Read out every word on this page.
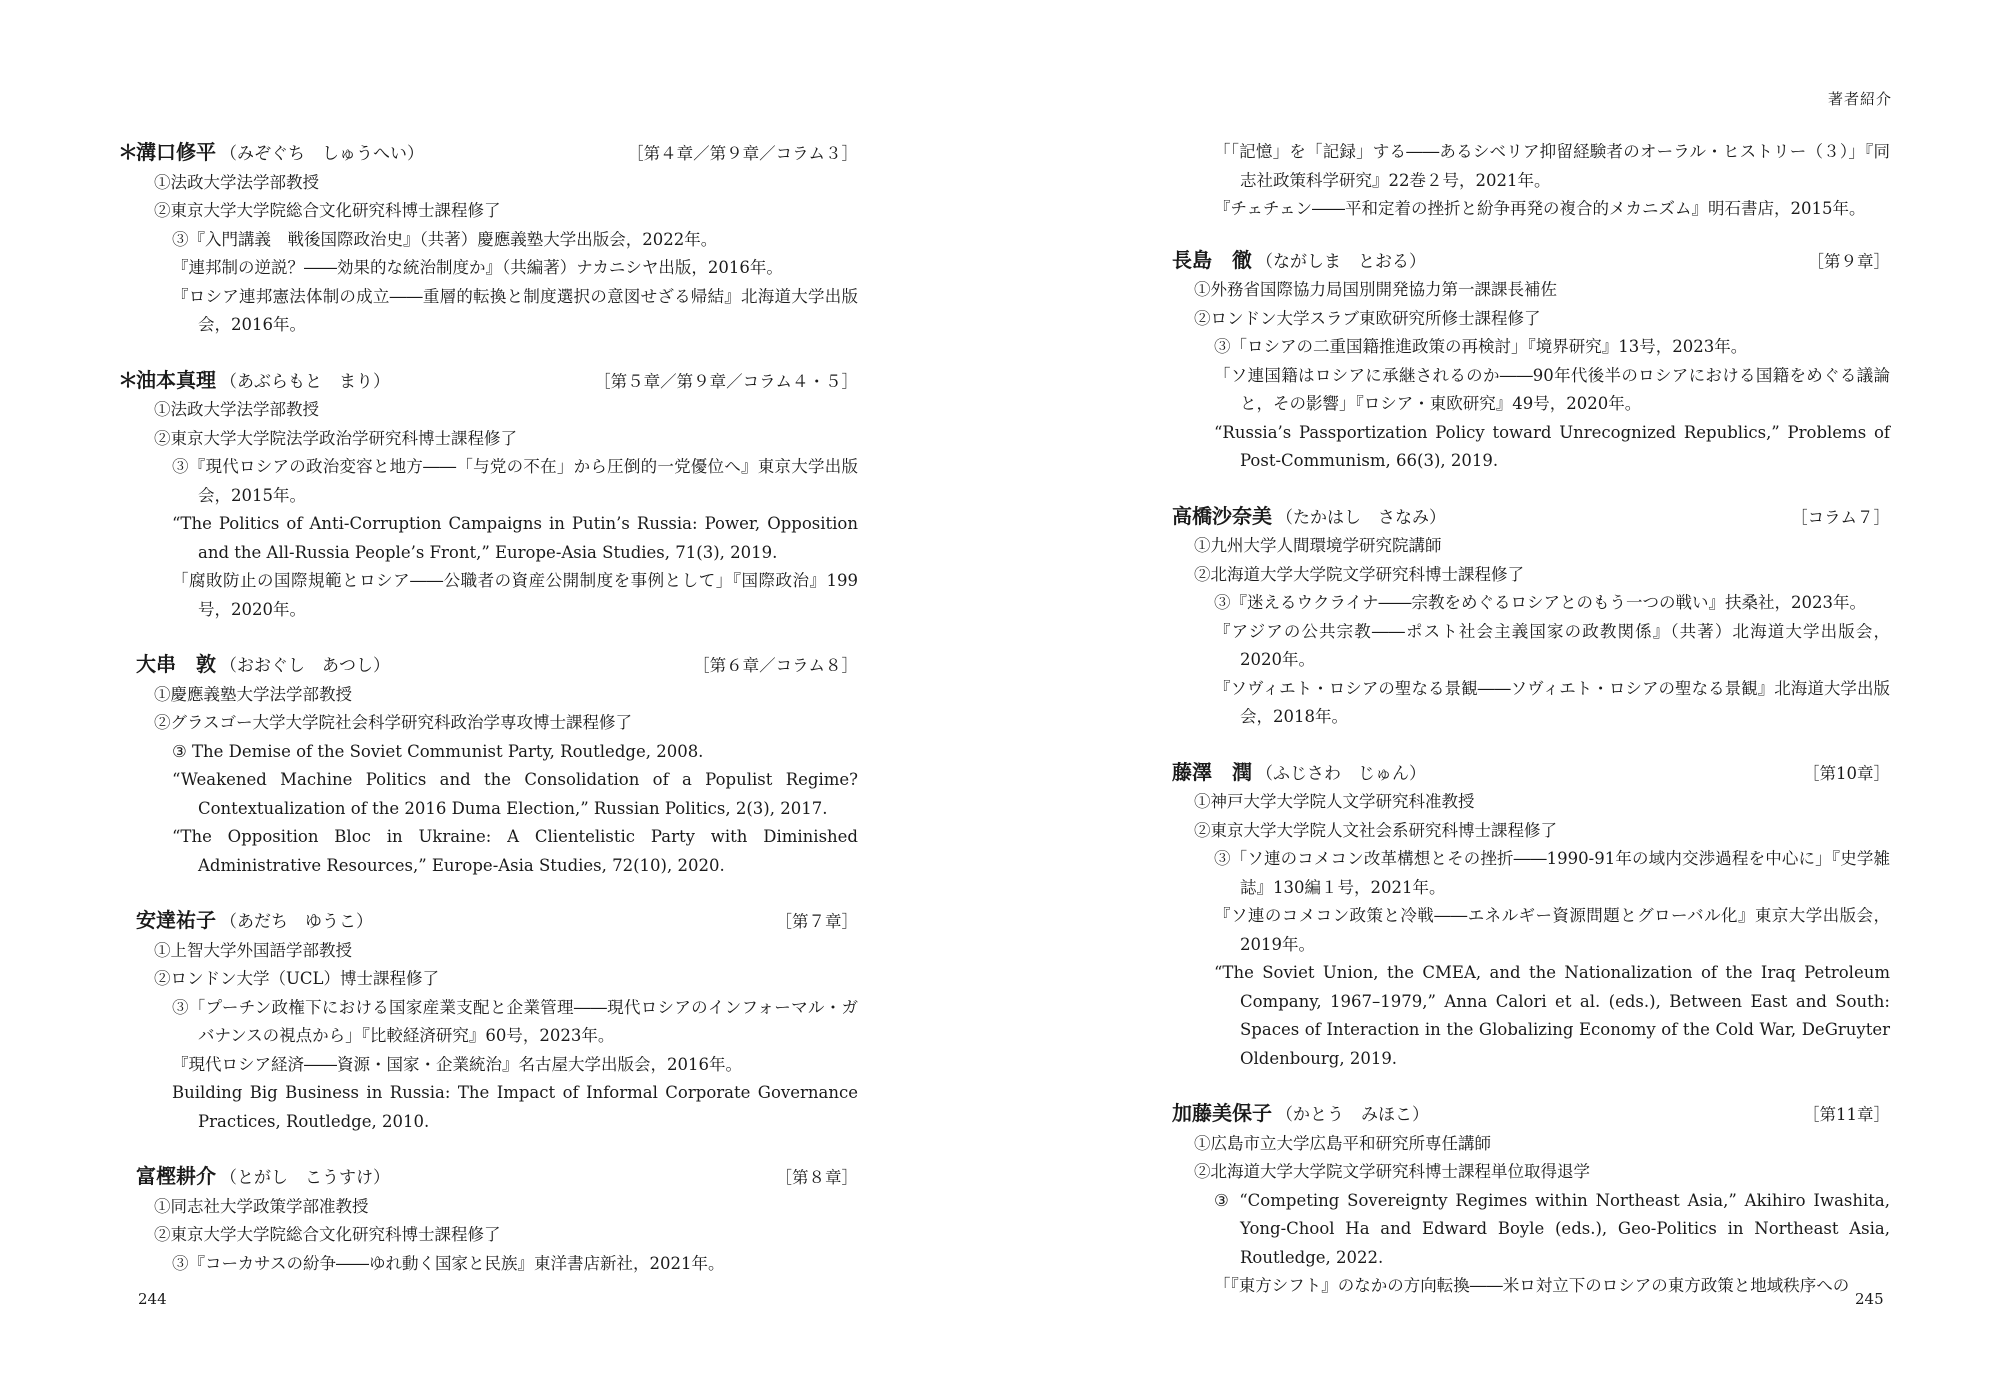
＊溝口修平 （みぞぐち　しゅうへい）	［第４章／第９章／コラム３］
①法政大学法学部教授
②東京大学大学院総合文化研究科博士課程修了
③『入門講義　戦後国際政治史』（共著）慶應義塾大学出版会，2022年。
『連邦制の逆説？――効果的な統治制度か』（共編著）ナカニシヤ出版，2016年。
『ロシア連邦憲法体制の成立――重層的転換と制度選択の意図せざる帰結』北海道大学出版会，2016年。
＊油本真理 （あぶらもと　まり）	［第５章／第９章／コラム４・５］
①法政大学法学部教授
②東京大学大学院法学政治学研究科博士課程修了
③『現代ロシアの政治変容と地方――「与党の不在」から圧倒的一党優位へ』東京大学出版会，2015年。
“The Politics of Anti-Corruption Campaigns in Putin’s Russia: Power, Opposition and the All-Russia People’s Front,” Europe-Asia Studies, 71(3), 2019.
「腐敗防止の国際規範とロシア――公職者の資産公開制度を事例として」『国際政治』199号，2020年。
大串　敦 （おおぐし　あつし）	［第６章／コラム８］
①慶應義塾大学法学部教授
②グラスゴー大学大学院社会科学研究科政治学専攻博士課程修了
③ The Demise of the Soviet Communist Party, Routledge, 2008.
“Weakened Machine Politics and the Consolidation of a Populist Regime? Contextualization of the 2016 Duma Election,” Russian Politics, 2(3), 2017.
“The Opposition Bloc in Ukraine: A Clientelistic Party with Diminished Administrative Resources,” Europe-Asia Studies, 72(10), 2020.
安達祐子 （あだち　ゆうこ）	［第７章］
①上智大学外国語学部教授
②ロンドン大学（UCL）博士課程修了
③「プーチン政権下における国家産業支配と企業管理――現代ロシアのインフォーマル・ガバナンスの視点から」『比較経済研究』60号，2023年。
『現代ロシア経済――資源・国家・企業統治』名古屋大学出版会，2016年。
Building Big Business in Russia: The Impact of Informal Corporate Governance Practices, Routledge, 2010.
富樫耕介 （とがし　こうすけ）	［第８章］
①同志社大学政策学部准教授
②東京大学大学院総合文化研究科博士課程修了
③『コーカサスの紛争――ゆれ動く国家と民族』東洋書店新社，2021年。
244
著者紹介
「「記憶」を「記録」する――あるシベリア抑留経験者のオーラル・ヒストリー（３）」『同志社政策科学研究』22巻２号，2021年。
『チェチェン――平和定着の挫折と紛争再発の複合的メカニズム』明石書店，2015年。
長島　徹 （ながしま　とおる）	［第９章］
①外務省国際協力局国別開発協力第一課課長補佐
②ロンドン大学スラブ東欧研究所修士課程修了
③「ロシアの二重国籍推進政策の再検討」『境界研究』13号，2023年。
「ソ連国籍はロシアに承継されるのか――90年代後半のロシアにおける国籍をめぐる議論と，その影響」『ロシア・東欧研究』49号，2020年。
“Russia’s Passportization Policy toward Unrecognized Republics,” Problems of Post-Communism, 66(3), 2019.
高橋沙奈美 （たかはし　さなみ）	［コラム７］
①九州大学人間環境学研究院講師
②北海道大学大学院文学研究科博士課程修了
③『迷えるウクライナ――宗教をめぐるロシアとのもう一つの戦い』扶桑社，2023年。
『アジアの公共宗教――ポスト社会主義国家の政教関係』（共著）北海道大学出版会，2020年。
『ソヴィエト・ロシアの聖なる景観――ソヴィエト・ロシアの聖なる景観』北海道大学出版会，2018年。
藤澤　潤 （ふじさわ　じゅん）	［第10章］
①神戸大学大学院人文学研究科准教授
②東京大学大学院人文社会系研究科博士課程修了
③「ソ連のコメコン改革構想とその挫折――1990-91年の域内交渉過程を中心に」『史学雑誌』130編１号，2021年。
『ソ連のコメコン政策と冷戦――エネルギー資源問題とグローバル化』東京大学出版会，2019年。
“The Soviet Union, the CMEA, and the Nationalization of the Iraq Petroleum Company, 1967–1979,” Anna Calori et al. (eds.), Between East and South: Spaces of Interaction in the Globalizing Economy of the Cold War, DeGruyter Oldenbourg, 2019.
加藤美保子 （かとう　みほこ）	［第11章］
①広島市立大学広島平和研究所専任講師
②北海道大学大学院文学研究科博士課程単位取得退学
③ “Competing Sovereignty Regimes within Northeast Asia,” Akihiro Iwashita, Yong-Chool Ha and Edward Boyle (eds.), Geo-Politics in Northeast Asia, Routledge, 2022.
「『東方シフト』のなかの方向転換――米ロ対立下のロシアの東方政策と地域秩序への
245
